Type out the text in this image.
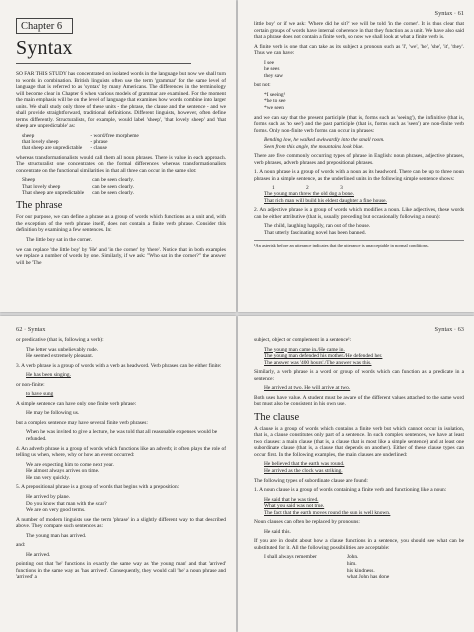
Chapter 6
Syntax

SO FAR THIS STUDY has concentrated on isolated words in the language but now we shall turn to words in combination. British linguists often use the term 'grammar' for the same level of language that is referred to as 'syntax' by many Americans. The differences in the terminology will become clear in Chapter 6 when various models of grammar are examined. For the moment the main emphasis will be on the level of language that examines how words combine into larger units. We shall study only three of these units - the phrase, the clause and the sentence - and we shall provide straightforward, traditional definitions. Different linguists, however, often define terms differently. Structuralists, for example, would label 'sheep', 'that lovely sheep' and 'that sheep are unpredictable' as:

sheep	- word/free morpheme
that lovely sheep	- phrase
that sheep are unpredictable	- clause

whereas transformationalists would call them all noun phrases. There is value in each approach. The structuralist one concentrates on the formal differences whereas transformationalists concentrate on the functional similarities in that all three can occur in the same slot:

Sheep	can be seen clearly.
That lovely sheep	can be seen clearly.
That sheep are unpredictable	can be seen clearly.
The phrase

For our purpose, we can define a phrase as a group of words which functions as a unit and, with the exception of the verb phrase itself, does not contain a finite verb phrase. Consider this definition by examining a few sentences. In:

The little boy sat in the corner.

we can replace 'the little boy' by 'He' and 'in the corner' by 'there'. Notice that in both examples we replace a number of words by one. Similarly, if we ask: "Who sat in the corner?" the answer will be 'The

Syntax · 61

little boy' or if we ask: 'Where did he sit?' we will be told 'in the corner'. It is thus clear that certain groups of words have internal coherence in that they function as a unit. We have also said that a phrase does not contain a finite verb, so now we shall look at what a finite verb is.

A finite verb is one that can take as its subject a pronoun such as 'I', 'we', 'he', 'she', 'it', 'they'. Thus we can have:

I see
he sees
they saw

but not:

*I seeing¹
*he to see
*we seen

and we can say that the present participle (that is, forms such as 'seeing'), the infinitive (that is, forms such as 'to see') and the past participle (that is, forms such as 'seen') are non-finite verb forms. Only non-finite verb forms can occur in phrases:

Bending low, he walked awkwardly into the small room.
Seen from this angle, the mountains look blue.

There are five commonly occurring types of phrase in English: noun phrases, adjective phrases, verb phrases, adverb phrases and prepositional phrases.

1. A noun phrase is a group of words with a noun as its headword. There can be up to three noun phrases in a simple sentence, as the underlined units in the following simple sentence shows:

1 2 3
The young man threw the old dog a bone.
That rich man will build his eldest daughter a fine house.

2. An adjective phrase is a group of words which modifies a noun. Like adjectives, these words can be either attributive (that is, usually preceding but occasionally following a noun):

The child, laughing happily, ran out of the house.
That utterly fascinating novel has been banned.
¹An asterisk before an utterance indicates that the utterance is unacceptable in normal conditions.
62 · Syntax

or predicative (that is, following a verb):

The letter was unbelievably rude.
He seemed extremely pleasant.

3. A verb phrase is a group of words with a verb as headword. Verb phrases can be either finite:

He has been singing.

or non-finite:

to have sung

A simple sentence can have only one finite verb phrase:

He may be following us.

but a complex sentence may have several finite verb phrases:

When he was invited to give a lecture, he was told that all reasonable expenses would be refunded.

4. An adverb phrase is a group of words which functions like an adverb; it often plays the role of telling us when, where, why or how an event occurred:

We are expecting him to come next year.
He almost always arrives on time.
He ran very quickly.

5. A prepositional phrase is a group of words that begins with a preposition:

He arrived by plane.
Do you know that man with the scar?
We are on very good terms.

A number of modern linguists use the term 'phrase' in a slightly different way to that described above. They compare such sentences as:

The young man has arrived.

and:

He arrived.

pointing out that 'he' functions in exactly the same way as 'the young man' and that 'arrived' functions in the same way as 'has arrived'. Consequently, they would call 'he' a noun phrase and 'arrived' a

Syntax · 63

subject, object or complement in a sentence¹:

The young man came in./He came in.
The young man defended his mother./He defended her.
The answer was '400 hours'./The answer was this.

Similarly, a verb phrase is a word or group of words which can function as a predicate in a sentence:

He arrived at two. He will arrive at two.

Both uses have value. A student must be aware of the different values attached to the same word but must also be consistent in his own use.

The clause

A clause is a group of words which contains a finite verb but which cannot occur in isolation, that is, a clause constitutes only part of a sentence. In such complex sentences, we have at least two clauses: a main clause (that is, a clause that is most like a simple sentence) and at least one subordinate clause (that is, a clause that depends on another). Either of these clause types can occur first. In the following examples, the main clauses are underlined:

He believed that the earth was round.
He arrived as the clock was striking.

The following types of subordinate clause are found:

1. A noun clause is a group of words containing a finite verb and functioning like a noun:

He said that he was tired.
What you said was not true.
The fact that the earth moves round the sun is well known.

Noun clauses can often be replaced by pronouns:

He said this.

If you are in doubt about how a clause functions in a sentence, you should see what can be substituted for it. All the following possibilities are acceptable:

I shall always remember	John.
him.
his kindness.
what John has done
